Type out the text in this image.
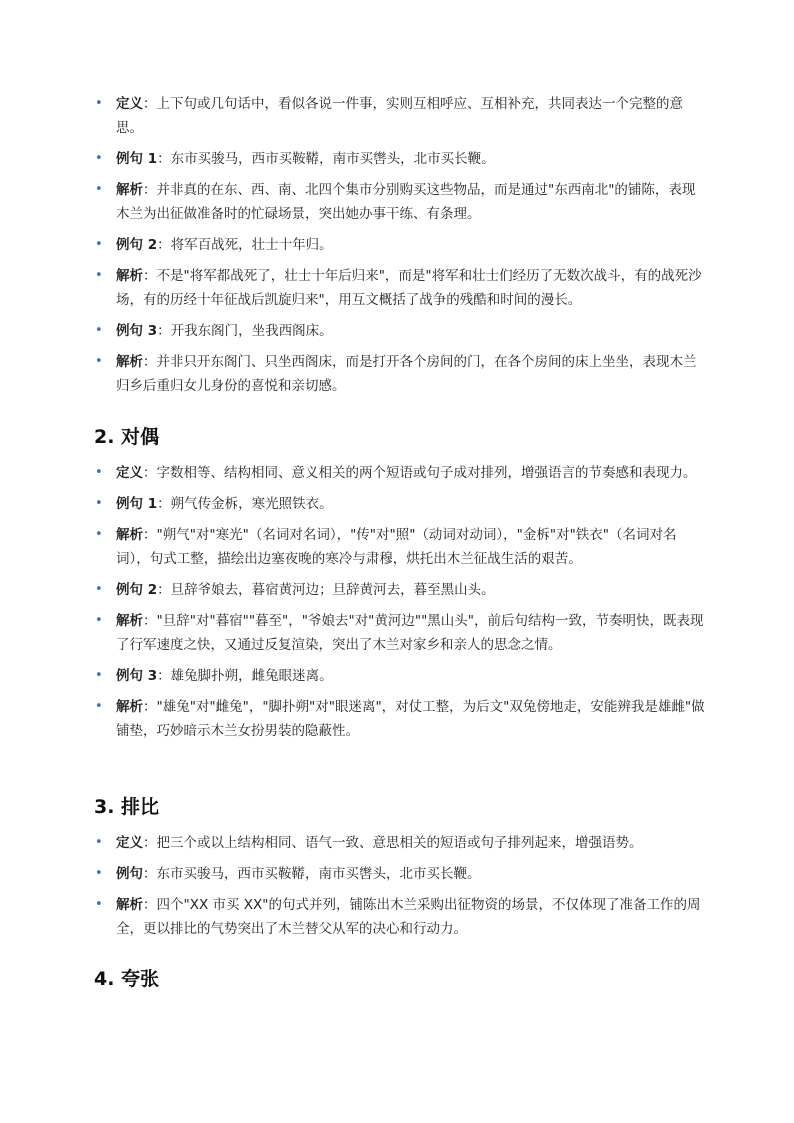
• 定义：上下句或几句话中，看似各说一件事，实则互相呼应、互相补充，共同表达一个完整的意思。
• 例句 1：东市买骏马，西市买鞍鞯，南市买辔头，北市买长鞭。
• 解析：并非真的在东、西、南、北四个集市分别购买这些物品，而是通过"东西南北"的铺陈，表现木兰为出征做准备时的忙碌场景，突出她办事干练、有条理。
• 例句 2：将军百战死，壮士十年归。
• 解析：不是"将军都战死了，壮士十年后归来"，而是"将军和壮士们经历了无数次战斗，有的战死沙场，有的历经十年征战后凯旋归来"，用互文概括了战争的残酷和时间的漫长。
• 例句 3：开我东阁门，坐我西阁床。
• 解析：并非只开东阁门、只坐西阁床，而是打开各个房间的门，在各个房间的床上坐坐，表现木兰归乡后重归女儿身份的喜悦和亲切感。
2. 对偶
• 定义：字数相等、结构相同、意义相关的两个短语或句子成对排列，增强语言的节奏感和表现力。
• 例句 1：朔气传金柝，寒光照铁衣。
• 解析："朔气"对"寒光"（名词对名词），"传"对"照"（动词对动词），"金柝"对"铁衣"（名词对名词），句式工整，描绘出边塞夜晚的寒冷与肃穆，烘托出木兰征战生活的艰苦。
• 例句 2：旦辞爷娘去，暮宿黄河边；旦辞黄河去，暮至黑山头。
• 解析："旦辞"对"暮宿""暮至"，"爷娘去"对"黄河边""黑山头"，前后句结构一致，节奏明快，既表现了行军速度之快，又通过反复渲染，突出了木兰对家乡和亲人的思念之情。
• 例句 3：雄兔脚扑朔，雌兔眼迷离。
• 解析："雄兔"对"雌兔"，"脚扑朔"对"眼迷离"，对仗工整，为后文"双兔傍地走，安能辨我是雄雌"做铺垫，巧妙暗示木兰女扮男装的隐蔽性。
3. 排比
• 定义：把三个或以上结构相同、语气一致、意思相关的短语或句子排列起来，增强语势。
• 例句：东市买骏马，西市买鞍鞯，南市买辔头，北市买长鞭。
• 解析：四个"XX 市买 XX"的句式并列，铺陈出木兰采购出征物资的场景，不仅体现了准备工作的周全，更以排比的气势突出了木兰替父从军的决心和行动力。
4. 夸张
